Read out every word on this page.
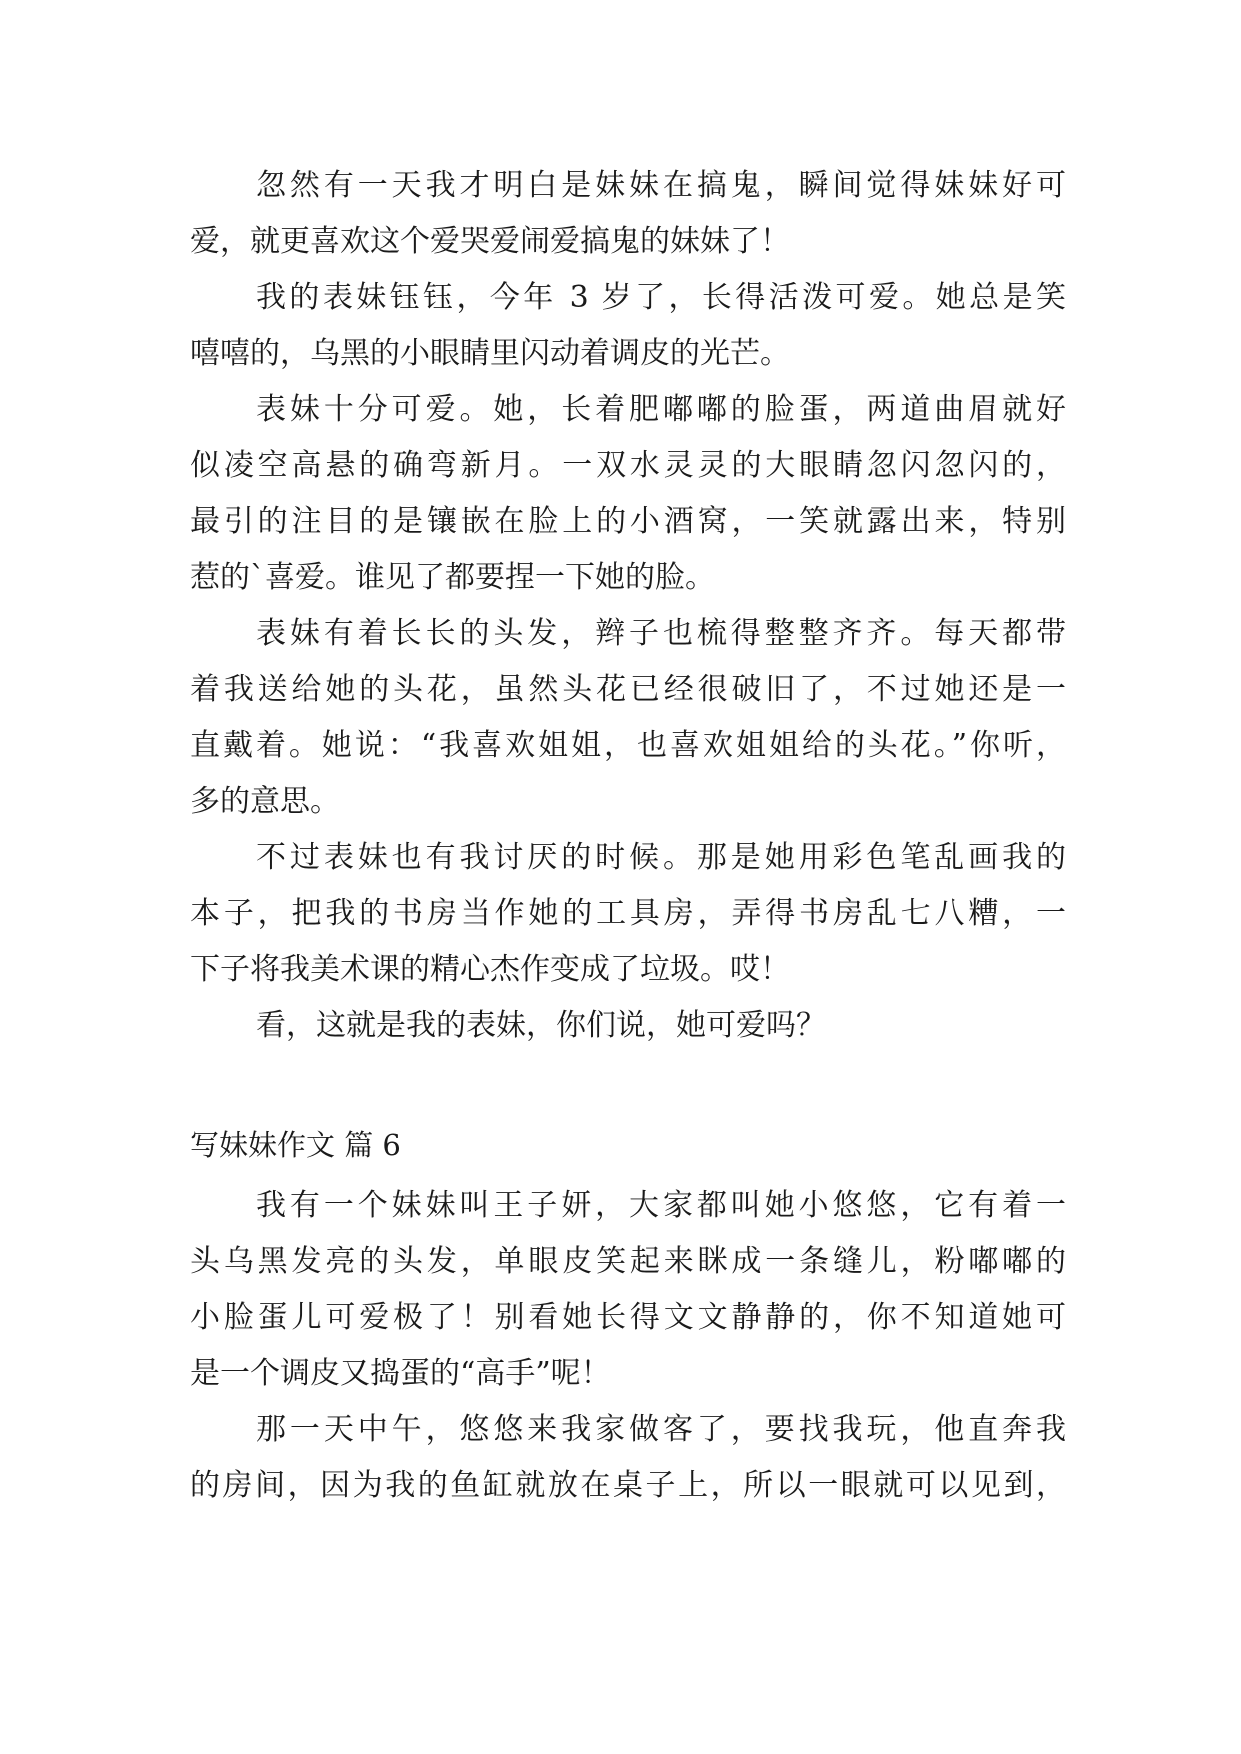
忽然有一天我才明白是妹妹在搞鬼，瞬间觉得妹妹好可
爱，就更喜欢这个爱哭爱闹爱搞鬼的妹妹了！
我的表妹钰钰，今年 3 岁了，长得活泼可爱。她总是笑
嘻嘻的，乌黑的小眼睛里闪动着调皮的光芒。
表妹十分可爱。她，长着肥嘟嘟的脸蛋，两道曲眉就好
似凌空高悬的确弯新月。一双水灵灵的大眼睛忽闪忽闪的，
最引的注目的是镶嵌在脸上的小酒窝，一笑就露出来，特别
惹的`喜爱。谁见了都要捏一下她的脸。
表妹有着长长的头发，辫子也梳得整整齐齐。每天都带
着我送给她的头花，虽然头花已经很破旧了，不过她还是一
直戴着。她说：“我喜欢姐姐，也喜欢姐姐给的头花。”你听，
多的意思。
不过表妹也有我讨厌的时候。那是她用彩色笔乱画我的
本子，把我的书房当作她的工具房，弄得书房乱七八糟，一
下子将我美术课的精心杰作变成了垃圾。哎！
看，这就是我的表妹，你们说，她可爱吗？
写妹妹作文 篇 6
我有一个妹妹叫王子妍，大家都叫她小悠悠，它有着一
头乌黑发亮的头发，单眼皮笑起来眯成一条缝儿，粉嘟嘟的
小脸蛋儿可爱极了！别看她长得文文静静的，你不知道她可
是一个调皮又捣蛋的“高手”呢！
那一天中午，悠悠来我家做客了，要找我玩，他直奔我
的房间，因为我的鱼缸就放在桌子上，所以一眼就可以见到，
